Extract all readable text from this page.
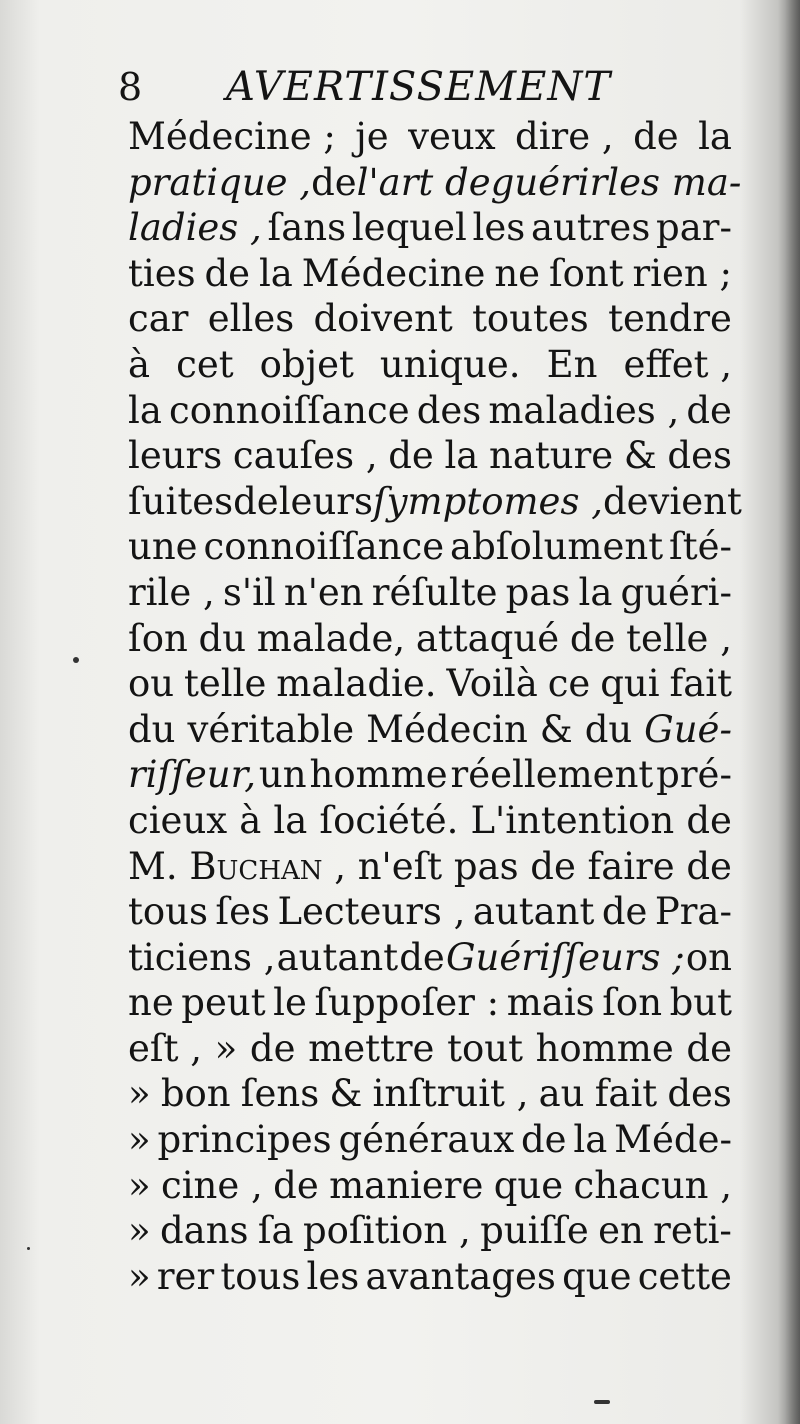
8 AVERTISSEMENT
Médecine ; je veux dire , de la
pratique , de l'art de guérir les ma-
ladies , ſans lequel les autres par-
ties de la Médecine ne ſont rien ;
car elles doivent toutes tendre
à cet objet unique. En effet ,
la connoiſſance des maladies , de
leurs cauſes , de la nature & des
ſuites de leurs ſymptomes , devient
une connoiſſance abſolument ſté-
rile , s'il n'en réſulte pas la guéri-
ſon du malade, attaqué de telle ,
ou telle maladie. Voilà ce qui fait
du véritable Médecin & du Gué-
riſſeur, un homme réellement pré-
cieux à la ſociété. L'intention de
M. Buchan , n'eſt pas de faire de
tous ſes Lecteurs , autant de Pra-
ticiens , autant de Guériſſeurs ; on
ne peut le ſuppoſer : mais ſon but
eſt , » de mettre tout homme de
» bon ſens & inſtruit , au fait des
» principes généraux de la Méde-
» cine , de maniere que chacun ,
» dans ſa poſition , puiſſe en reti-
» rer tous les avantages que cette
